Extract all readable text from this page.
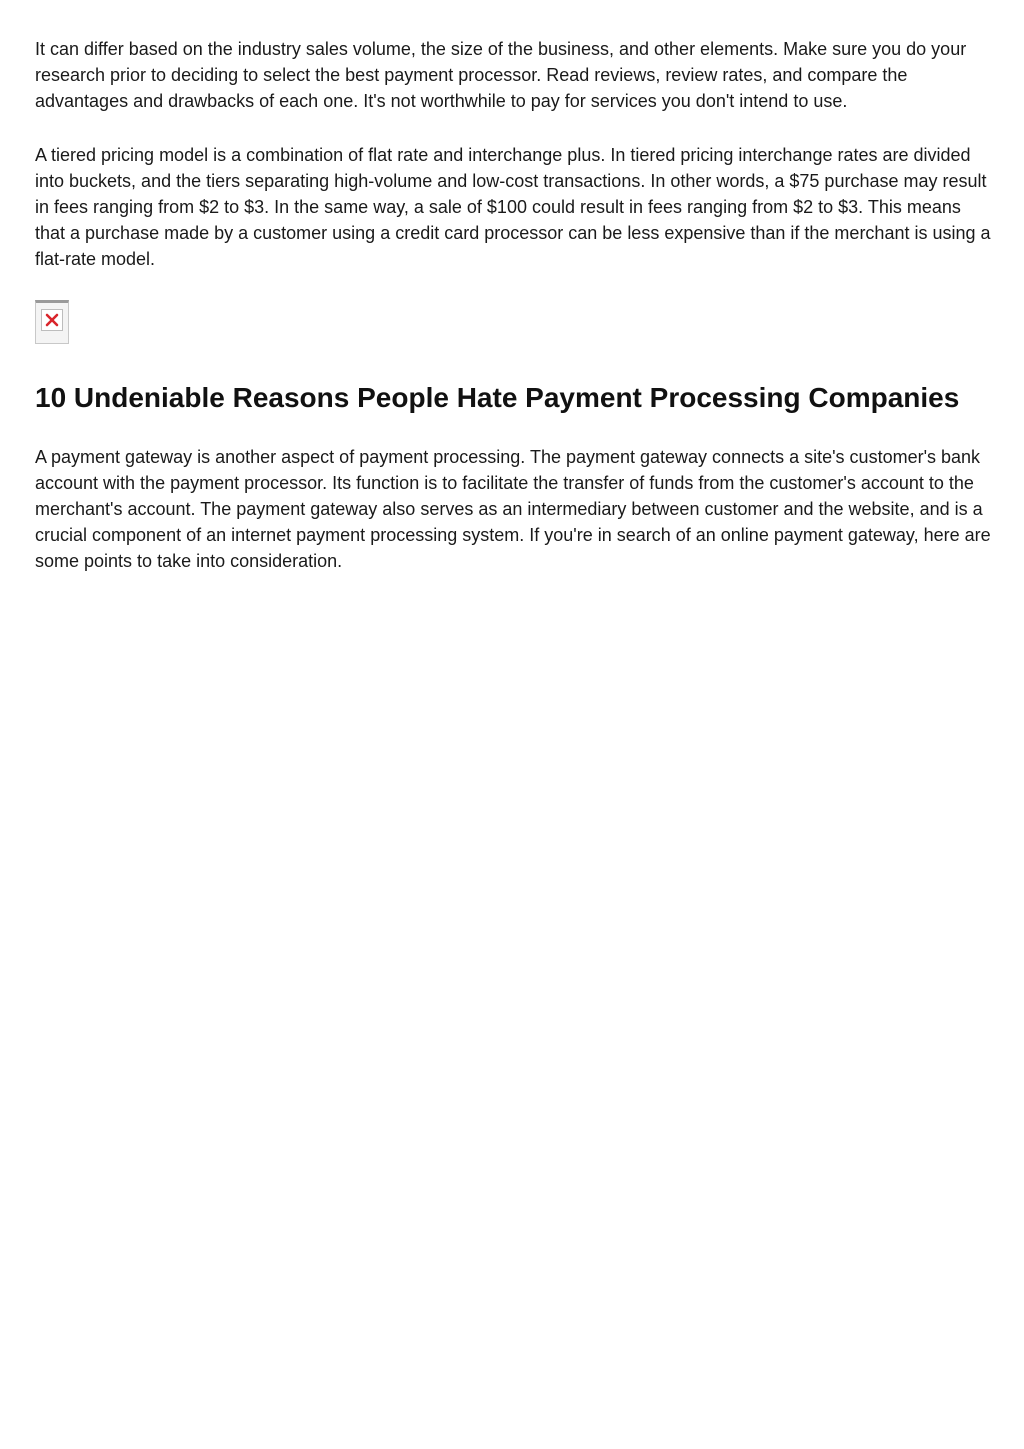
It can differ based on the industry sales volume, the size of the business, and other elements. Make sure you do your research prior to deciding to select the best payment processor. Read reviews, review rates, and compare the advantages and drawbacks of each one. It's not worthwhile to pay for services you don't intend to use.

A tiered pricing model is a combination of flat rate and interchange plus. In tiered pricing interchange rates are divided into buckets, and the tiers separating high-volume and low-cost transactions. In other words, a $75 purchase may result in fees ranging from $2 to $3. In the same way, a sale of $100 could result in fees ranging from $2 to $3. This means that a purchase made by a customer using a credit card processor can be less expensive than if the merchant is using a flat-rate model.

10 Undeniable Reasons People Hate Payment Processing Companies

A payment gateway is another aspect of payment processing. The payment gateway connects a site's customer's bank account with the payment processor. Its function is to facilitate the transfer of funds from the customer's account to the merchant's account. The payment gateway also serves as an intermediary between customer and the website, and is a crucial component of an internet payment processing system. If you're in search of an online payment gateway, here are some points to take into consideration.
